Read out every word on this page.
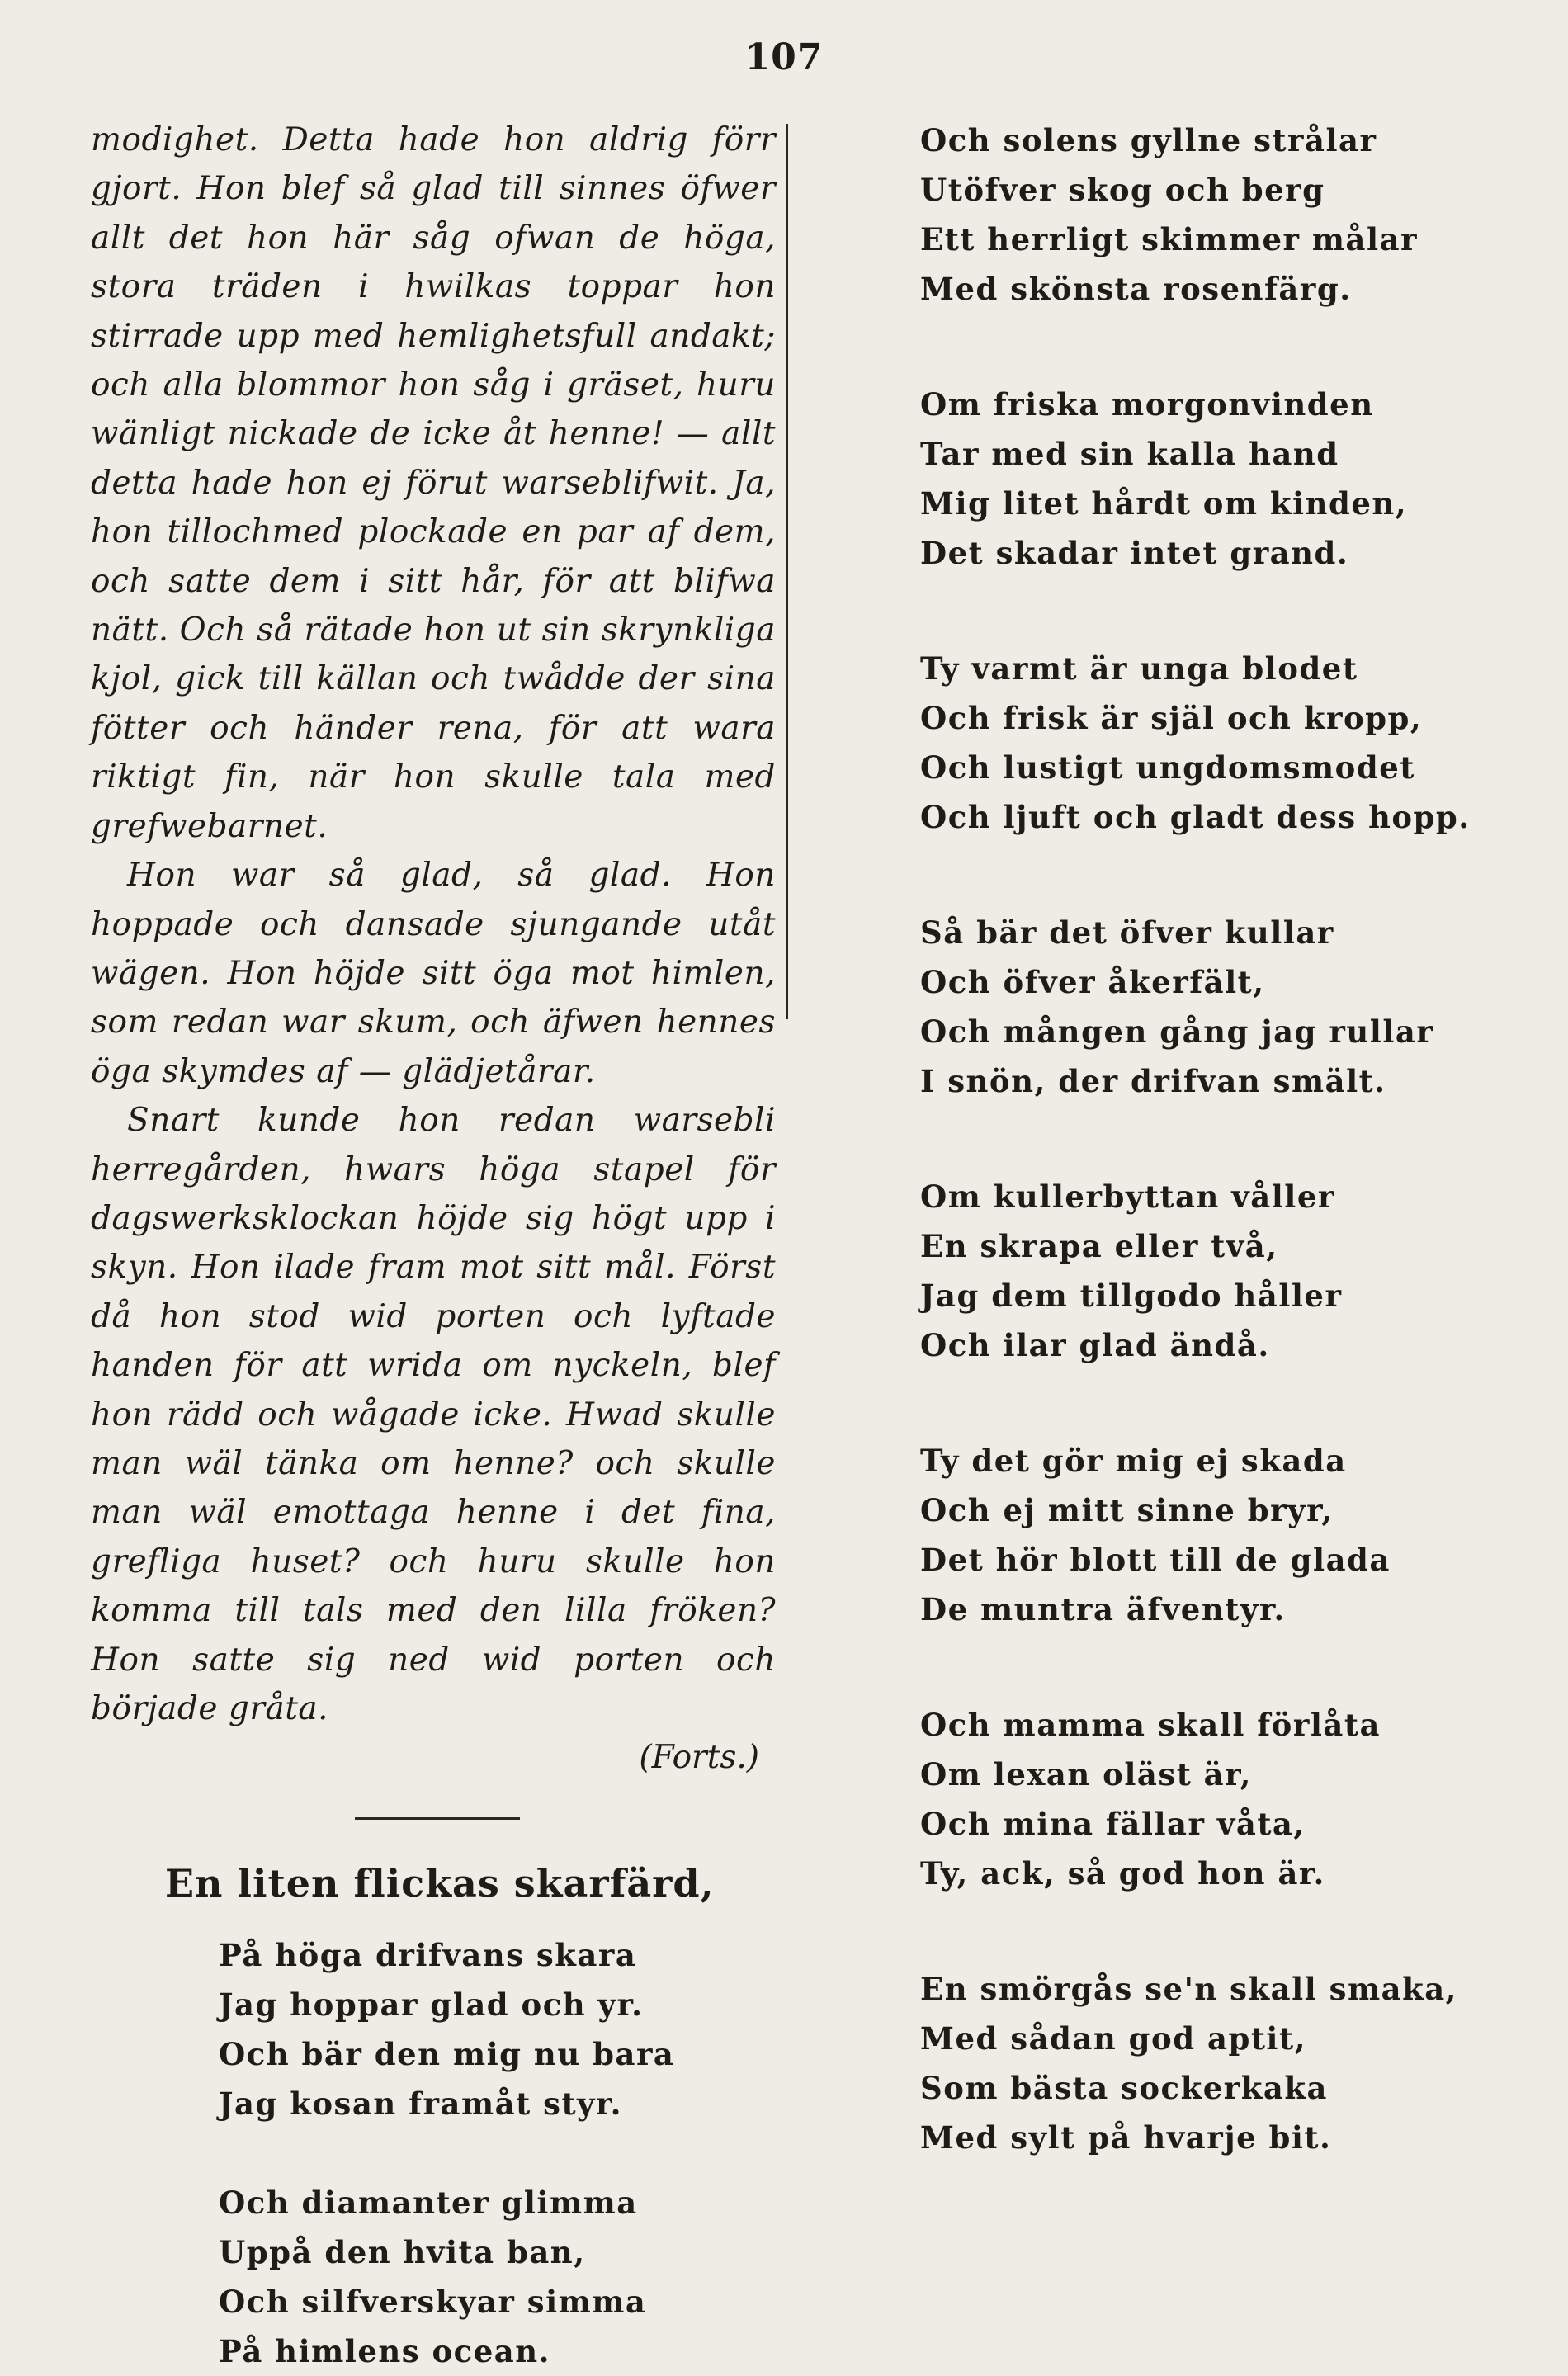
107

modighet. Detta hade hon aldrig förr gjort. Hon blef så glad till sinnes öfwer allt det hon här såg ofwan de höga, stora träden i hwilkas toppar hon stirrade upp med hemlighetsfull andakt; och alla blommor hon såg i gräset, huru wänligt nickade de icke åt henne! — allt detta hade hon ej förut warseblifwit. Ja, hon tillochmed plockade en par af dem, och satte dem i sitt hår, för att blifwa nätt. Och så rätade hon ut sin skrynkliga kjol, gick till källan och twådde der sina fötter och händer rena, för att wara riktigt fin, när hon skulle tala med grefwebarnet.

Hon war så glad, så glad. Hon hoppade och dansade sjungande utåt wägen. Hon höjde sitt öga mot himlen, som redan war skum, och äfwen hennes öga skymdes af — glädjetårar.

Snart kunde hon redan warsebli herregården, hwars höga stapel för dagswerksklockan höjde sig högt upp i skyn. Hon ilade fram mot sitt mål. Först då hon stod wid porten och lyftade handen för att wrida om nyckeln, blef hon rädd och wågade icke. Hwad skulle man wäl tänka om henne? och skulle man wäl emottaga henne i det fina, grefliga huset? och huru skulle hon komma till tals med den lilla fröken? Hon satte sig ned wid porten och började gråta.

(Forts.)
En liten flickas skarfärd,
På höga drifvans skara
Jag hoppar glad och yr.
Och bär den mig nu bara
Jag kosan framåt styr.
Och diamanter glimma
Uppå den hvita ban,
Och silfverskyar simma
På himlens ocean.
Och solens gyllne strålar
Utöfver skog och berg
Ett herrligt skimmer målar
Med skönsta rosenfärg.
Om friska morgonvinden
Tar med sin kalla hand
Mig litet hårdt om kinden,
Det skadar intet grand.
Ty varmt är unga blodet
Och frisk är själ och kropp,
Och lustigt ungdomsmodet
Och ljuft och gladt dess hopp.
Så bär det öfver kullar
Och öfver åkerfält,
Och mången gång jag rullar
I snön, der drifvan smält.
Om kullerbyttan våller
En skrapa eller två,
Jag dem tillgodo håller
Och ilar glad ändå.
Ty det gör mig ej skada
Och ej mitt sinne bryr,
Det hör blott till de glada
De muntra äfventyr.
Och mamma skall förlåta
Om lexan oläst är,
Och mina fällar våta,
Ty, ack, så god hon är.
En smörgås se'n skall smaka,
Med sådan god aptit,
Som bästa sockerkaka
Med sylt på hvarje bit.
